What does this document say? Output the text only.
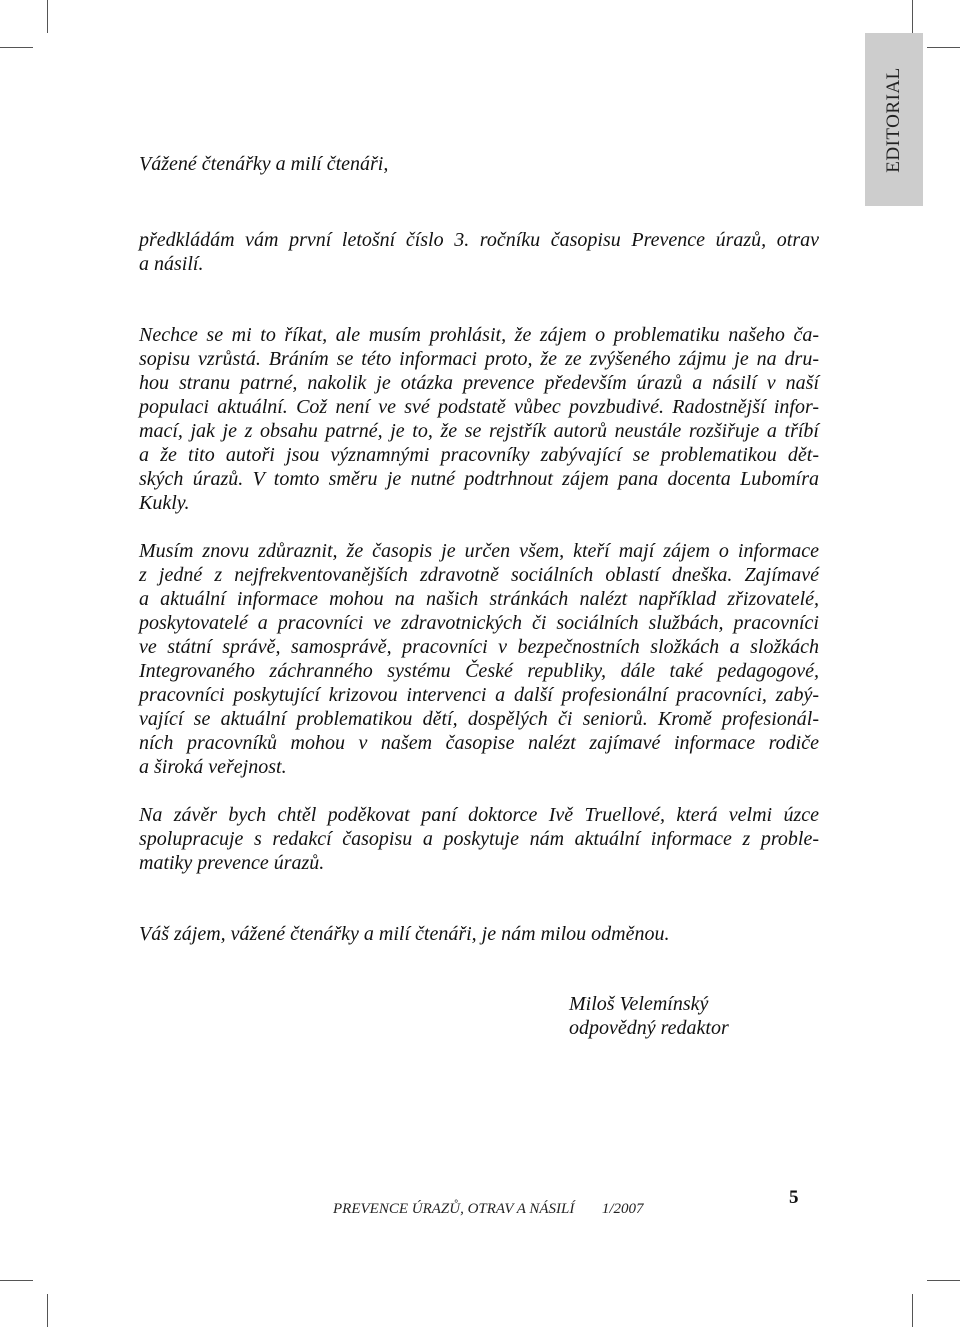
EDITORIAL
Vážené čtenářky a milí čtenáři,
předkládám vám první letošní číslo 3. ročníku časopisu Prevence úrazů, otrav
a násilí.
Nechce se mi to říkat, ale musím prohlásit, že zájem o problematiku našeho ča-
sopisu vzrůstá. Bráním se této informaci proto, že ze zvýšeného zájmu je na dru-
hou stranu patrné, nakolik je otázka prevence především úrazů a násilí v naší
populaci aktuální. Což není ve své podstatě vůbec povzbudivé. Radostnější infor-
mací, jak je z obsahu patrné, je to, že se rejstřík autorů neustále rozšiřuje a tříbí
a že tito autoři jsou významnými pracovníky zabývající se problematikou dět-
ských úrazů. V tomto směru je nutné podtrhnout zájem pana docenta Lubomíra
Kukly.
Musím znovu zdůraznit, že časopis je určen všem, kteří mají zájem o informace
z jedné z nejfrekventovanějších zdravotně sociálních oblastí dneška. Zajímavé
a aktuální informace mohou na našich stránkách nalézt například zřizovatelé,
poskytovatelé a pracovníci ve zdravotnických či sociálních službách, pracovníci
ve státní správě, samosprávě, pracovníci v bezpečnostních složkách a složkách
Integrovaného záchranného systému České republiky, dále také pedagogové,
pracovníci poskytující krizovou intervenci a další profesionální pracovníci, zabý-
vající se aktuální problematikou dětí, dospělých či seniorů. Kromě profesionál-
ních pracovníků mohou v našem časopise nalézt zajímavé informace rodiče
a široká veřejnost.
Na závěr bych chtěl poděkovat paní doktorce Ivě Truellové, která velmi úzce
spolupracuje s redakcí časopisu a poskytuje nám aktuální informace z proble-
matiky prevence úrazů.
Váš zájem, vážené čtenářky a milí čtenáři, je nám milou odměnou.
Miloš Velemínský
odpovědný redaktor
PREVENCE ÚRAZŮ, OTRAV A NÁSILÍ 1/2007
5
